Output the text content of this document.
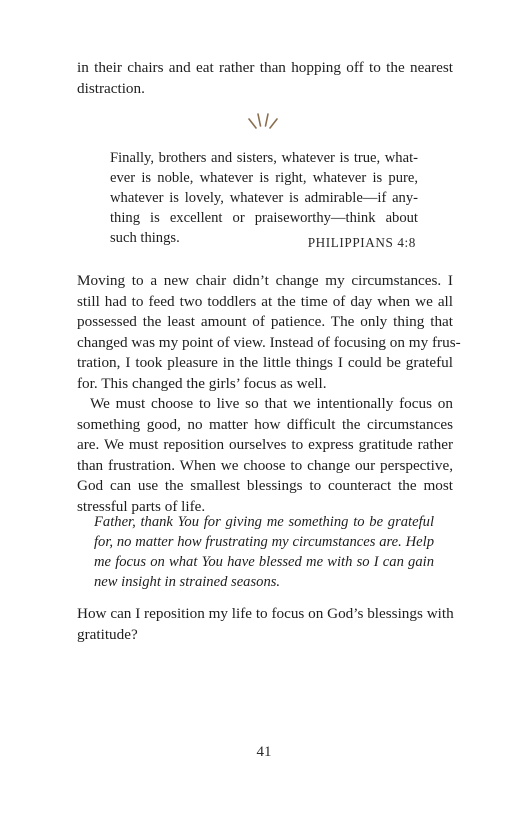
in their chairs and eat rather than hopping off to the nearest
distraction.
Finally, brothers and sisters, whatever is true, what-
ever is noble, whatever is right, whatever is pure,
whatever is lovely, whatever is admirable—if any-
thing is excellent or praiseworthy—think about
such things.	PHILIPPIANS 4:8
Moving to a new chair didn’t change my circumstances. I
still had to feed two toddlers at the time of day when we all
possessed the least amount of patience. The only thing that
changed was my point of view. Instead of focusing on my frus-
tration, I took pleasure in the little things I could be grateful
for. This changed the girls’ focus as well.
We must choose to live so that we intentionally focus on
something good, no matter how difficult the circumstances
are. We must reposition ourselves to express gratitude rather
than frustration. When we choose to change our perspective,
God can use the smallest blessings to counteract the most
stressful parts of life.
Father, thank You for giving me something to be grateful
for, no matter how frustrating my circumstances are. Help
me focus on what You have blessed me with so I can gain
new insight in strained seasons.
How can I reposition my life to focus on God’s blessings with
gratitude?
41
